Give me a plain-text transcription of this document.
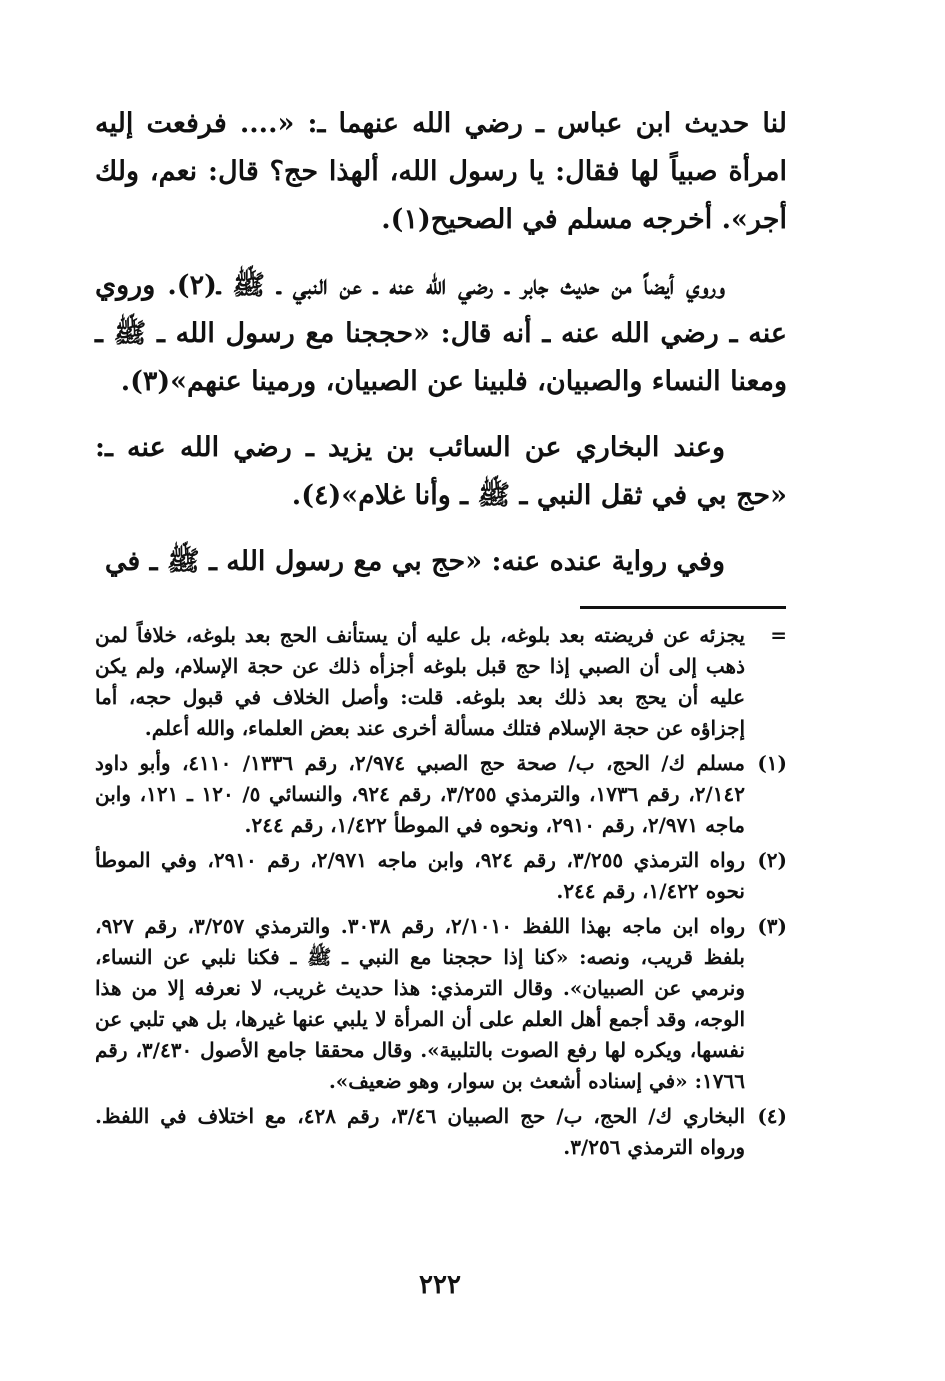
لنا حديث ابن عباس ـ رضي الله عنهما ـ: «.... فرفعت إليه امرأة صبياً لها فقال: يا رسول الله، ألهذا حج؟ قال: نعم، ولك أجر». أخرجه مسلم في الصحيح(١).

وروي أيضاً من حديث جابر ـ رضي الله عنه ـ عن النبي ـ ﷺ ـ(٢). وروي عنه ـ رضي الله عنه ـ أنه قال: «حججنا مع رسول الله ـ ﷺ ـ ومعنا النساء والصبيان، فلبينا عن الصبيان، ورمينا عنهم»(٣).

وعند البخاري عن السائب بن يزيد ـ رضي الله عنه ـ: «حج بي في ثقل النبي ـ ﷺ ـ وأنا غلام»(٤).

وفي رواية عنده عنه: «حج بي مع رسول الله ـ ﷺ ـ في

=
يجزئه عن فريضته بعد بلوغه، بل عليه أن يستأنف الحج بعد بلوغه، خلافاً لمن ذهب إلى أن الصبي إذا حج قبل بلوغه أجزأه ذلك عن حجة الإسلام، ولم يكن عليه أن يحج بعد ذلك بعد بلوغه. قلت: وأصل الخلاف في قبول حجه، أما إجزاؤه عن حجة الإسلام فتلك مسألة أخرى عند بعض العلماء، والله أعلم.
(١)
مسلم ك/ الحج، ب/ صحة حج الصبي ٢/٩٧٤، رقم ١٣٣٦/ ٤١١٠، وأبو داود ٢/١٤٢، رقم ١٧٣٦، والترمذي ٣/٢٥٥، رقم ٩٢٤، والنسائي ٥/ ١٢٠ ـ ١٢١، وابن ماجه ٢/٩٧١، رقم ٢٩١٠، ونحوه في الموطأ ١/٤٢٢، رقم ٢٤٤.
(٢)
رواه الترمذي ٣/٢٥٥، رقم ٩٢٤، وابن ماجه ٢/٩٧١، رقم ٢٩١٠، وفي الموطأ نحوه ١/٤٢٢، رقم ٢٤٤.
(٣)
رواه ابن ماجه بهذا اللفظ ٢/١٠١٠، رقم ٣٠٣٨. والترمذي ٣/٢٥٧، رقم ٩٢٧، بلفظ قريب، ونصه: «كنا إذا حججنا مع النبي ـ ﷺ ـ فكنا نلبي عن النساء، ونرمي عن الصبيان». وقال الترمذي: هذا حديث غريب، لا نعرفه إلا من هذا الوجه، وقد أجمع أهل العلم على أن المرأة لا يلبي عنها غيرها، بل هي تلبي عن نفسها، ويكره لها رفع الصوت بالتلبية». وقال محققا جامع الأصول ٣/٤٣٠، رقم ١٧٦٦: «في إسناده أشعث بن سوار، وهو ضعيف».
(٤)
البخاري ك/ الحج، ب/ حج الصبيان ٣/٤٦، رقم ٤٢٨، مع اختلاف في اللفظ. ورواه الترمذي ٣/٢٥٦.
٢٢٢
